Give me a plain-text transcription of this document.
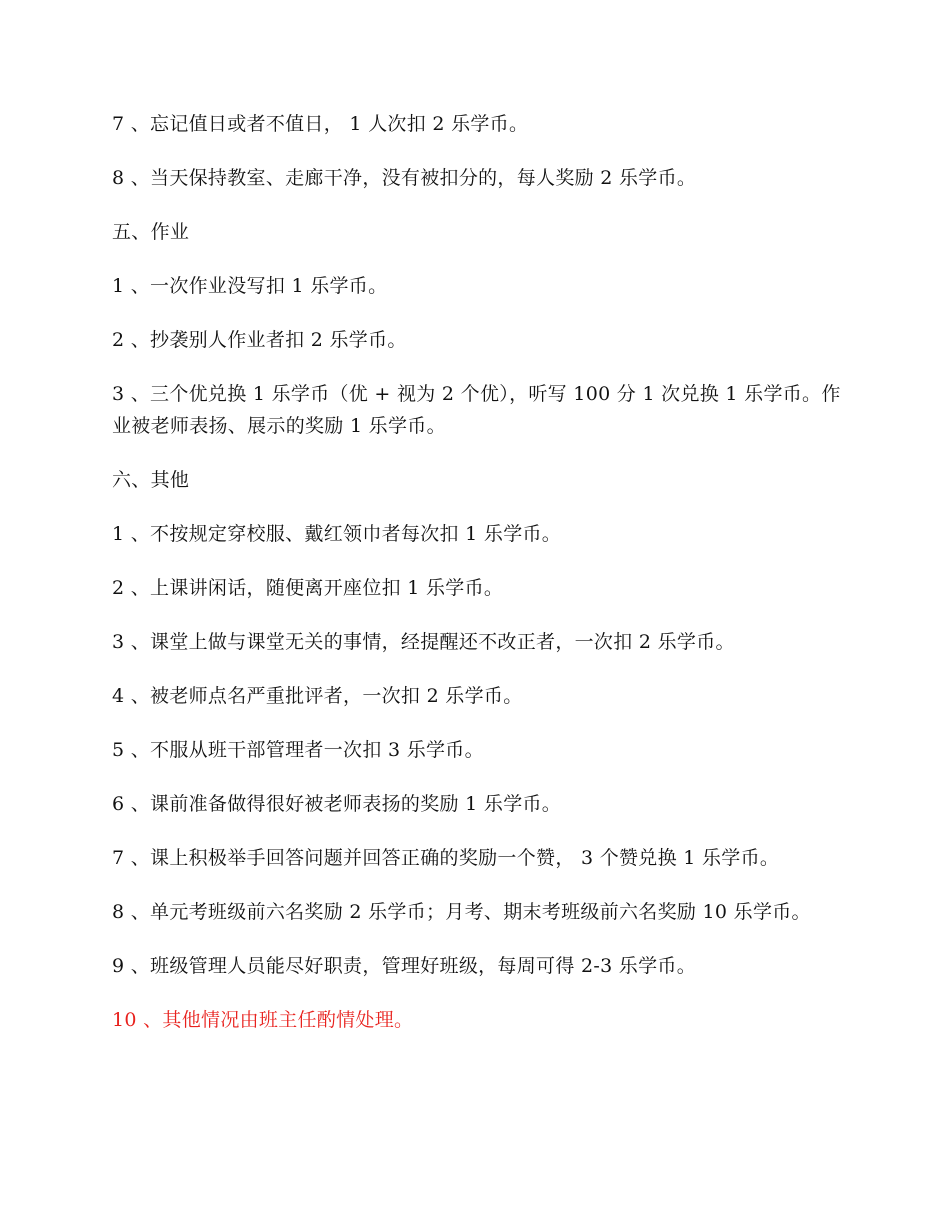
7 、忘记值日或者不值日， 1 人次扣 2 乐学币。

8 、当天保持教室、走廊干净，没有被扣分的，每人奖励 2 乐学币。

五、作业

1 、一次作业没写扣 1 乐学币。

2 、抄袭别人作业者扣 2 乐学币。

3 、三个优兑换 1 乐学币（优 + 视为 2 个优），听写 100 分 1 次兑换 1 乐学币。作业被老师表扬、展示的奖励 1 乐学币。

六、其他

1 、不按规定穿校服、戴红领巾者每次扣 1 乐学币。

2 、上课讲闲话，随便离开座位扣 1 乐学币。

3 、课堂上做与课堂无关的事情，经提醒还不改正者，一次扣 2 乐学币。

4 、被老师点名严重批评者，一次扣 2 乐学币。

5 、不服从班干部管理者一次扣 3 乐学币。

6 、课前准备做得很好被老师表扬的奖励 1 乐学币。

7 、课上积极举手回答问题并回答正确的奖励一个赞， 3 个赞兑换 1 乐学币。

8 、单元考班级前六名奖励 2 乐学币；月考、期末考班级前六名奖励 10 乐学币。

9 、班级管理人员能尽好职责，管理好班级，每周可得 2-3 乐学币。

10 、其他情况由班主任酌情处理。
